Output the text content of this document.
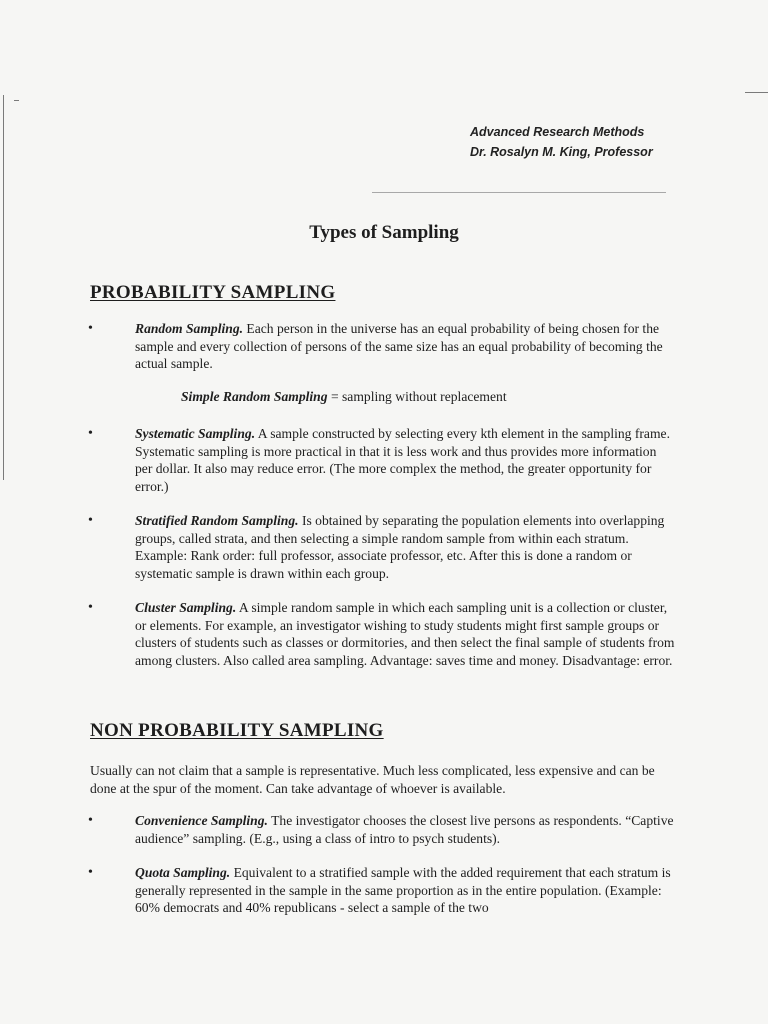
Advanced Research Methods
Dr. Rosalyn M. King, Professor
Types of Sampling
PROBABILITY SAMPLING
•	Random Sampling. Each person in the universe has an equal probability of being chosen for the sample and every collection of persons of the same size has an equal probability of becoming the actual sample.
Simple Random Sampling = sampling without replacement
•	Systematic Sampling. A sample constructed by selecting every kth element in the sampling frame. Systematic sampling is more practical in that it is less work and thus provides more information per dollar. It also may reduce error. (The more complex the method, the greater opportunity for error.)
•	Stratified Random Sampling. Is obtained by separating the population elements into overlapping groups, called strata, and then selecting a simple random sample from within each stratum. Example: Rank order: full professor, associate professor, etc. After this is done a random or systematic sample is drawn within each group.
•	Cluster Sampling. A simple random sample in which each sampling unit is a collection or cluster, or elements. For example, an investigator wishing to study students might first sample groups or clusters of students such as classes or dormitories, and then select the final sample of students from among clusters. Also called area sampling. Advantage: saves time and money. Disadvantage: error.
NON PROBABILITY SAMPLING
Usually can not claim that a sample is representative. Much less complicated, less expensive and can be done at the spur of the moment. Can take advantage of whoever is available.
•	Convenience Sampling. The investigator chooses the closest live persons as respondents. “Captive audience” sampling. (E.g., using a class of intro to psych students).
•	Quota Sampling. Equivalent to a stratified sample with the added requirement that each stratum is generally represented in the sample in the same proportion as in the entire population. (Example: 60% democrats and 40% republicans - select a sample of the two
